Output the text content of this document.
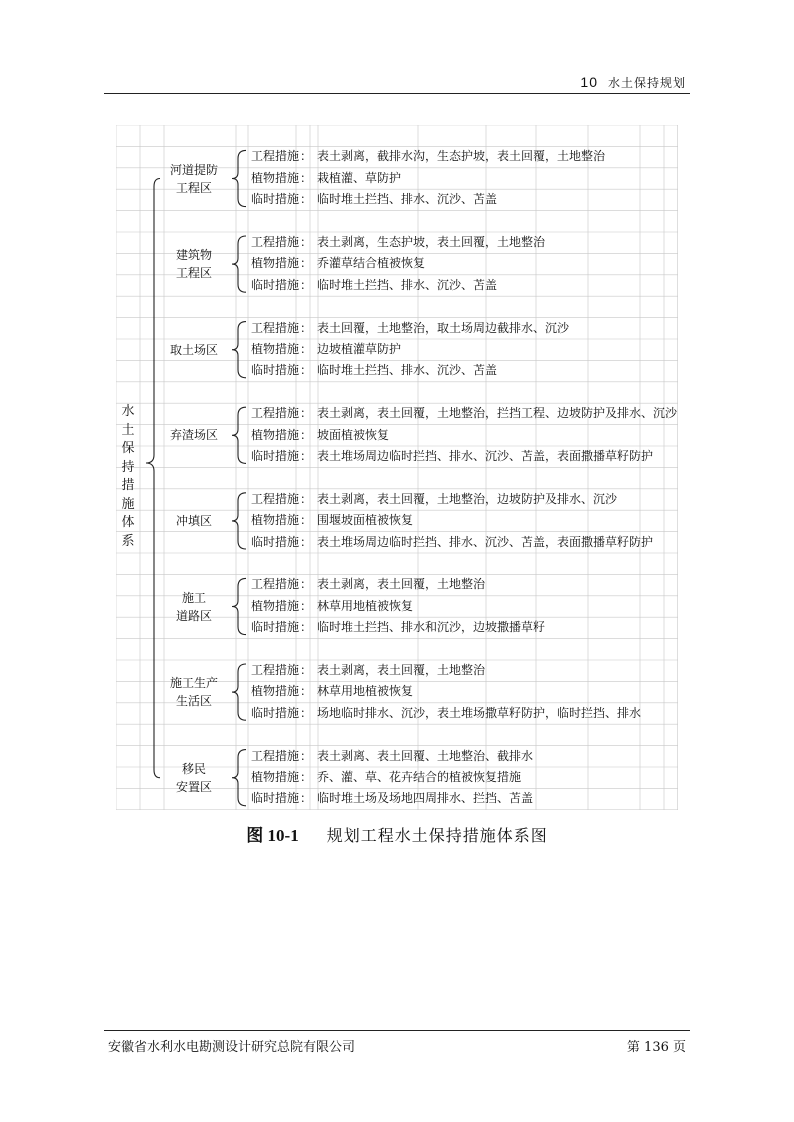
10 水土保持规划
水土保持措施体系
河道提防
工程区
工程措施 ： 表土剥离，截排水沟，生态护坡，表土回覆，土地整治
植物措施 ： 栽植灌、草防护
临时措施 ： 临时堆土拦挡、排水、沉沙、苫盖
建筑物
工程区
工程措施 ： 表土剥离，生态护坡，表土回覆，土地整治
植物措施 ： 乔灌草结合植被恢复
临时措施 ： 临时堆土拦挡、排水、沉沙、苫盖
取土场区
工程措施 ： 表土回覆，土地整治，取土场周边截排水、沉沙
植物措施 ： 边坡植灌草防护
临时措施 ： 临时堆土拦挡、排水、沉沙、苫盖
弃渣场区
工程措施 ： 表土剥离，表土回覆，土地整治，拦挡工程、边坡防护及排水、沉沙
植物措施 ： 坡面植被恢复
临时措施 ： 表土堆场周边临时拦挡、排水、沉沙、苫盖，表面撒播草籽防护
冲填区
工程措施 ： 表土剥离，表土回覆，土地整治，边坡防护及排水、沉沙
植物措施 ： 围堰坡面植被恢复
临时措施 ： 表土堆场周边临时拦挡、排水、沉沙、苫盖，表面撒播草籽防护
施工
道路区
工程措施 ： 表土剥离，表土回覆，土地整治
植物措施 ： 林草用地植被恢复
临时措施 ： 临时堆土拦挡、排水和沉沙，边坡撒播草籽
施工生产
生活区
工程措施 ： 表土剥离，表土回覆，土地整治
植物措施 ： 林草用地植被恢复
临时措施 ： 场地临时排水、沉沙，表土堆场撒草籽防护，临时拦挡、排水
移民
安置区
工程措施 ： 表土剥离、表土回覆、土地整治、截排水
植物措施 ： 乔、灌、草、花卉结合的植被恢复措施
临时措施 ： 临时堆土场及场地四周排水、拦挡、苫盖
图 10-1 规划工程水土保持措施体系图
安徽省水利水电勘测设计研究总院有限公司	第 136 页
